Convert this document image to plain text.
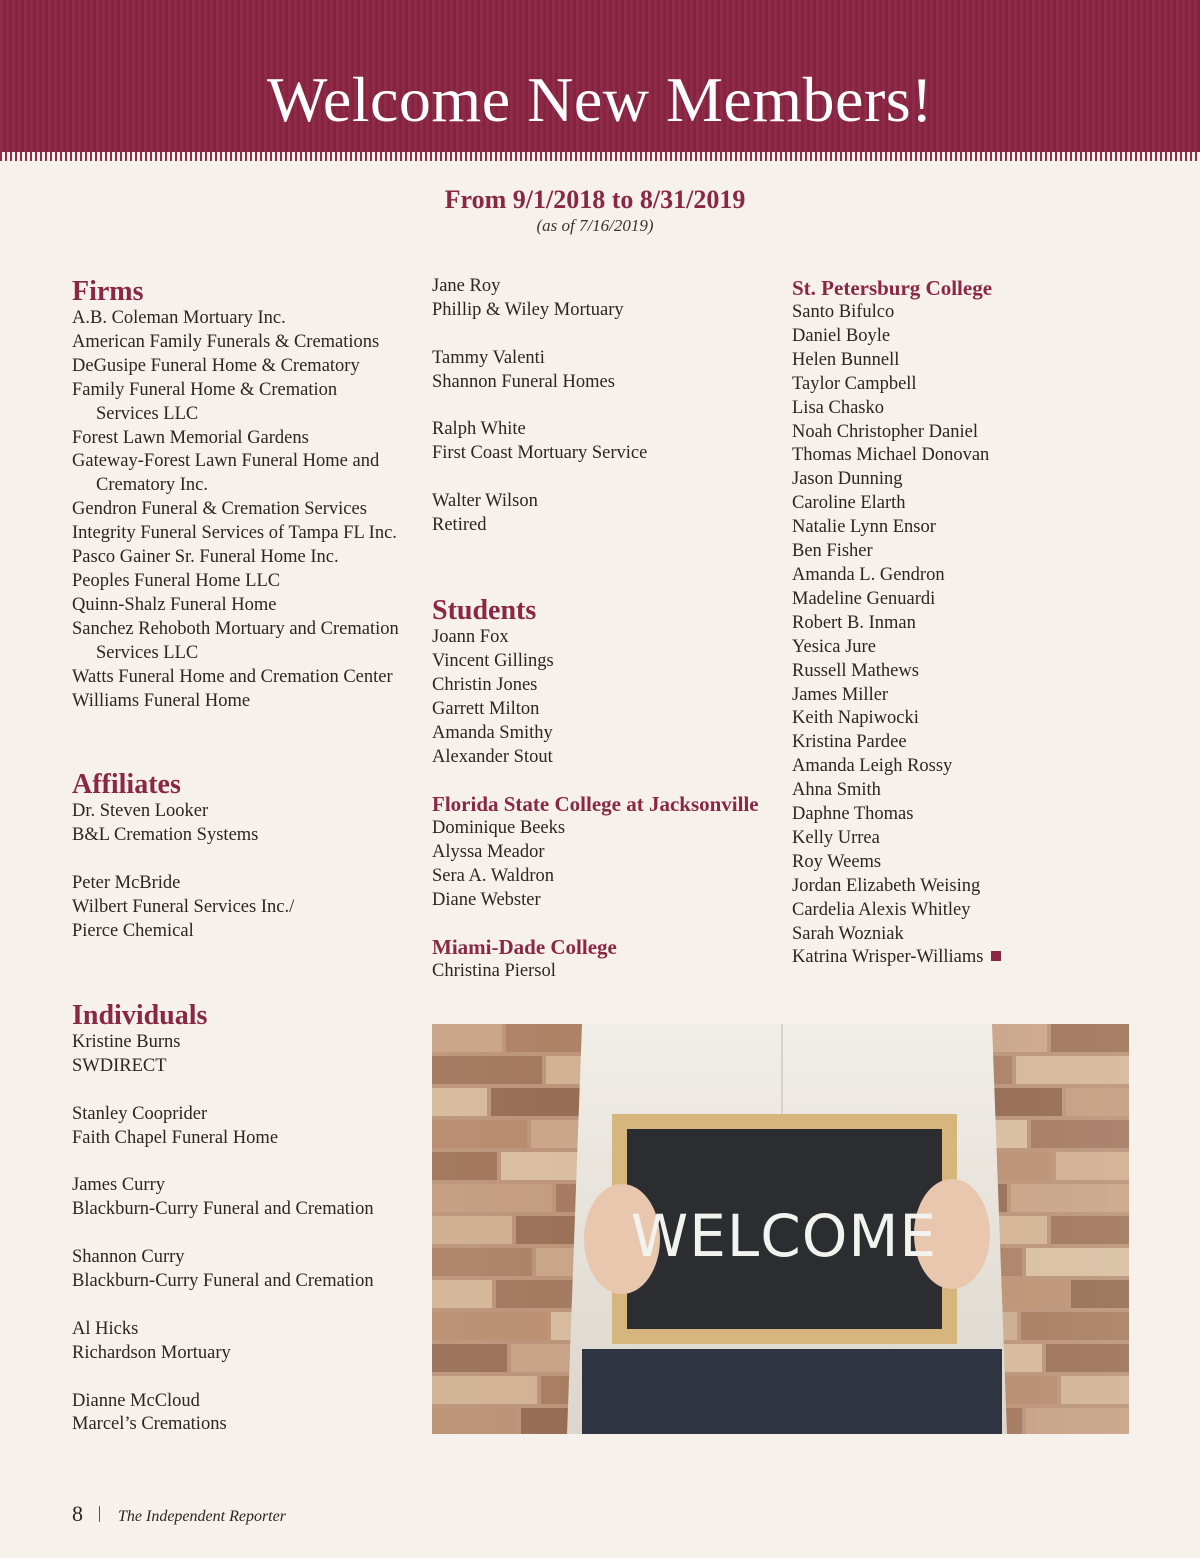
Welcome New Members!
From 9/1/2018 to 8/31/2019
(as of 7/16/2019)
Firms
A.B. Coleman Mortuary Inc.
American Family Funerals & Cremations
DeGusipe Funeral Home & Crematory
Family Funeral Home & Cremation
Services LLC
Forest Lawn Memorial Gardens
Gateway-Forest Lawn Funeral Home and
Crematory Inc.
Gendron Funeral & Cremation Services
Integrity Funeral Services of Tampa FL Inc.
Pasco Gainer Sr. Funeral Home Inc.
Peoples Funeral Home LLC
Quinn-Shalz Funeral Home
Sanchez Rehoboth Mortuary and Cremation
Services LLC
Watts Funeral Home and Cremation Center
Williams Funeral Home
Affiliates
Dr. Steven Looker
B&L Cremation Systems
Peter McBride
Wilbert Funeral Services Inc./
Pierce Chemical
Individuals
Kristine Burns
SWDIRECT
Stanley Cooprider
Faith Chapel Funeral Home
James Curry
Blackburn-Curry Funeral and Cremation
Shannon Curry
Blackburn-Curry Funeral and Cremation
Al Hicks
Richardson Mortuary
Dianne McCloud
Marcel’s Cremations
Jane Roy
Phillip & Wiley Mortuary
Tammy Valenti
Shannon Funeral Homes
Ralph White
First Coast Mortuary Service
Walter Wilson
Retired
Students
Joann Fox
Vincent Gillings
Christin Jones
Garrett Milton
Amanda Smithy
Alexander Stout
Florida State College at Jacksonville
Dominique Beeks
Alyssa Meador
Sera A. Waldron
Diane Webster
Miami-Dade College
Christina Piersol
St. Petersburg College
Santo Bifulco
Daniel Boyle
Helen Bunnell
Taylor Campbell
Lisa Chasko
Noah Christopher Daniel
Thomas Michael Donovan
Jason Dunning
Caroline Elarth
Natalie Lynn Ensor
Ben Fisher
Amanda L. Gendron
Madeline Genuardi
Robert B. Inman
Yesica Jure
Russell Mathews
James Miller
Keith Napiwocki
Kristina Pardee
Amanda Leigh Rossy
Ahna Smith
Daphne Thomas
Kelly Urrea
Roy Weems
Jordan Elizabeth Weising
Cardelia Alexis Whitley
Sarah Wozniak
Katrina Wrisper-Williams
WELCOME
8 The Independent Reporter
